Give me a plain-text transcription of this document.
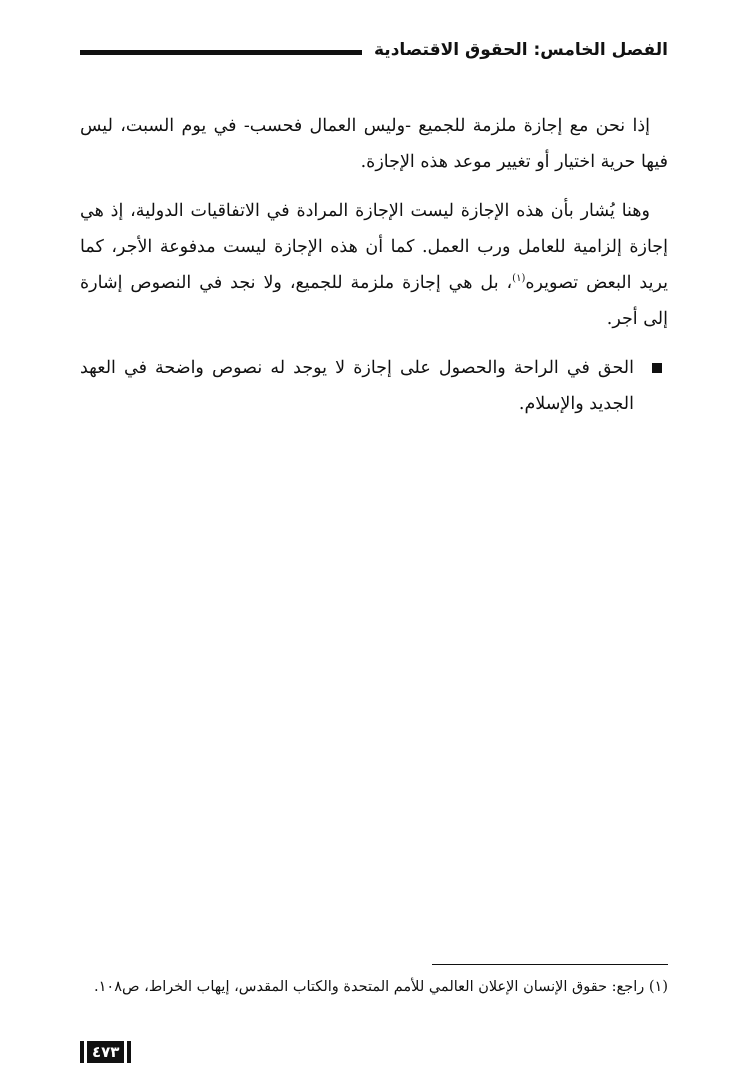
الفصل الخامس: الحقوق الاقتصادية

إذا نحن مع إجازة ملزمة للجميع -وليس العمال فحسب- في يوم السبت، ليس فيها حرية اختيار أو تغيير موعد هذه الإجازة.

وهنا يُشار بأن هذه الإجازة ليست الإجازة المرادة في الاتفاقيات الدولية، إذ هي إجازة إلزامية للعامل ورب العمل. كما أن هذه الإجازة ليست مدفوعة الأجر، كما يريد البعض تصويره$^{(١)}$، بل هي إجازة ملزمة للجميع، ولا نجد في النصوص إشارة إلى أجر.

الحق في الراحة والحصول على إجازة لا يوجد له نصوص واضحة في العهد الجديد والإسلام.
(١) راجع: حقوق الإنسان الإعلان العالمي للأمم المتحدة والكتاب المقدس، إيهاب الخراط، ص١٠٨.
٤٧٣
